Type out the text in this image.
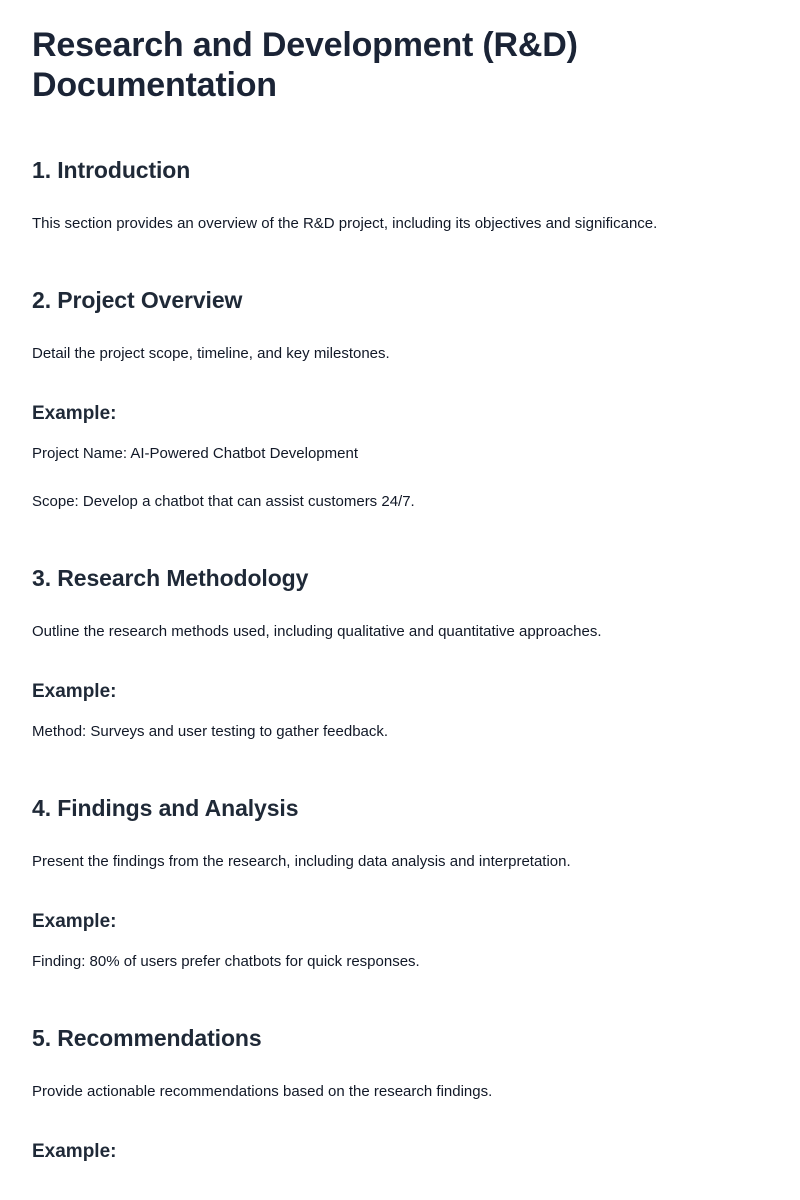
Research and Development (R&D) Documentation
1. Introduction

This section provides an overview of the R&D project, including its objectives and significance.

2. Project Overview

Detail the project scope, timeline, and key milestones.

Example:

Project Name: AI-Powered Chatbot Development

Scope: Develop a chatbot that can assist customers 24/7.

3. Research Methodology

Outline the research methods used, including qualitative and quantitative approaches.

Example:

Method: Surveys and user testing to gather feedback.

4. Findings and Analysis

Present the findings from the research, including data analysis and interpretation.

Example:

Finding: 80% of users prefer chatbots for quick responses.

5. Recommendations

Provide actionable recommendations based on the research findings.

Example:
